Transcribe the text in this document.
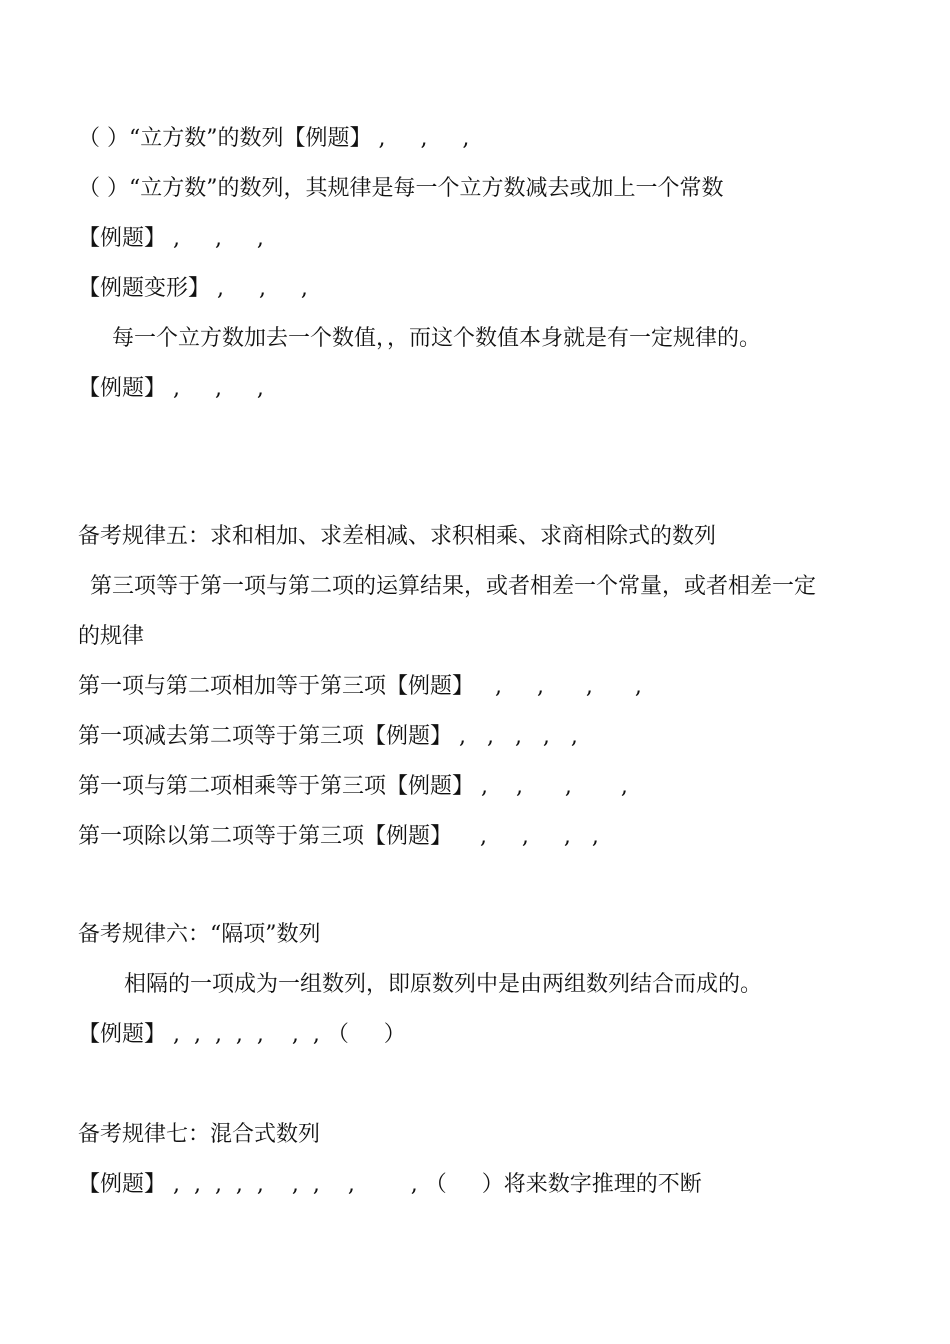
（ ）“立方数”的数列【例题】 ,     ,     ,

（ ）“立方数”的数列，其规律是每一个立方数减去或加上一个常数

【例题】 ,     ,     ,

【例题变形】 ,     ,     ,

每一个立方数加去一个数值，，而这个数值本身就是有一定规律的。

【例题】 ,     ,     ,

备考规律五：求和相加、求差相减、求积相乘、求商相除式的数列

第三项等于第一项与第二项的运算结果，或者相差一个常量，或者相差一定

的规律

第一项与第二项相加等于第三项【例题】   ,     ,      ,      ,

第一项减去第二项等于第三项【例题】 ,   ,   ,   ,   ,

第一项与第二项相乘等于第三项【例题】 ,    ,      ,       ,

第一项除以第二项等于第三项【例题】    ,     ,     ,   ,

备考规律六：“隔项”数列

相隔的一项成为一组数列，即原数列中是由两组数列结合而成的。

【例题】 ,  ,  ,  ,  ,    ,  , （     ）

备考规律七：混合式数列

【例题】 ,  ,  ,  ,  ,    ,  ,    ,        , （     ）将来数字推理的不断
